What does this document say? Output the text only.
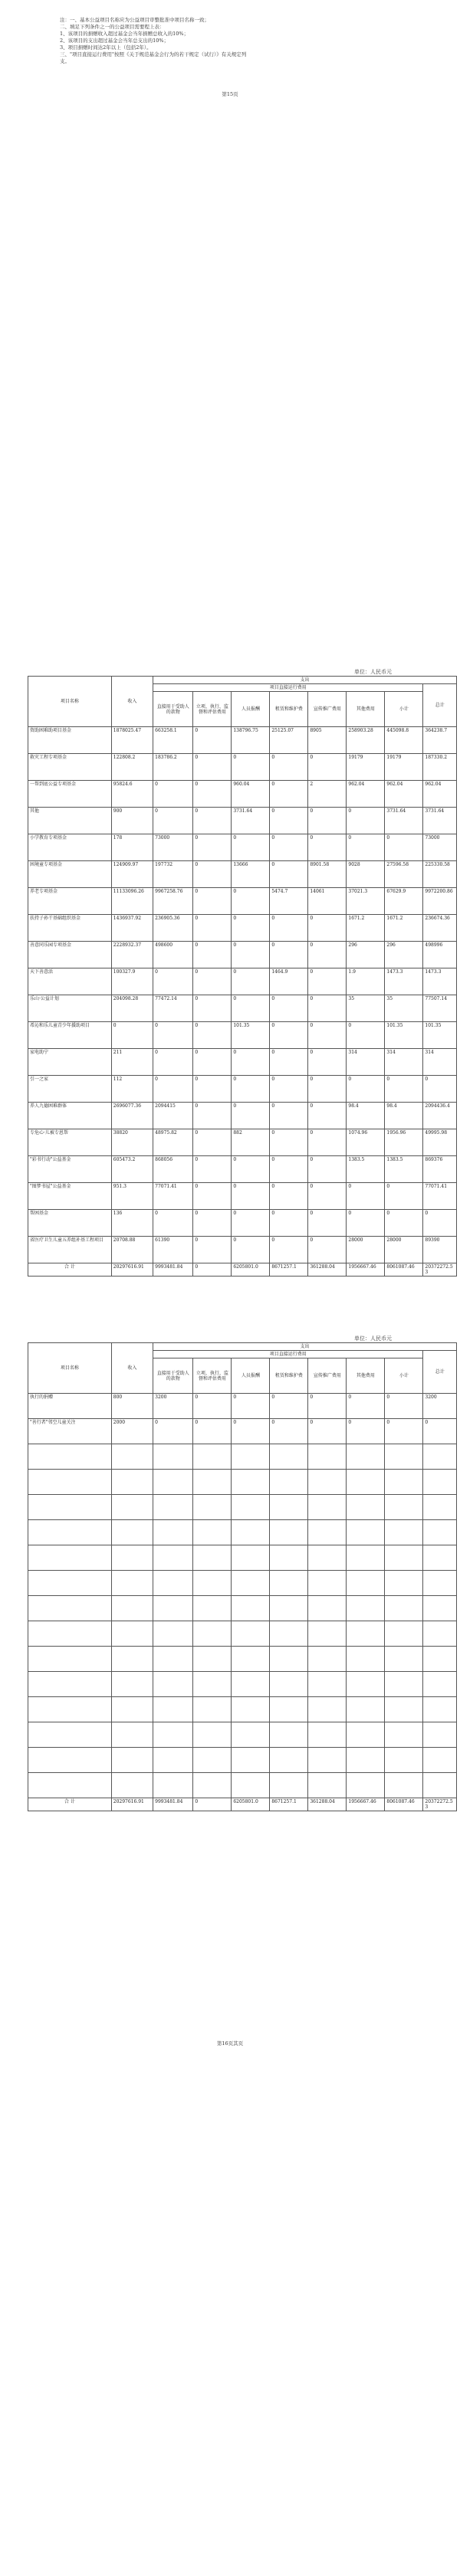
注：一、基本公益项目名称应为公益项目审整批准中项目名称一致；
二、填足下列条件之一的公益项目需要程上表：
1、该项目的捐赠收入超过基金会当年捐赠总收入的10%；
2、该项目的支出超过基金会当年总支出的10%；
3、项目捐赠时间达2年以上（包括2年）。
三、"项目直接运行费用"按照《关于规范基金会行为的若干规定（试行）》有关规定列
支。
第15页
单位：人民币元
项目名称	收入	支出							
		项目直接运行费用							总计
		直接用于受助人的款物	立项、执行、监督和评估费用	人员报酬	租赁和维护费	宣传推广费用	其他费用	小计	
资助困难助项目基金	1878025.47	663258.1	0	138796.75	25125.07	8905	258903.28	445098.8	364238.7
救灾工程专项基金	122808.2	183786.2	0	0	0	0	19179	19179	187330.2
一帮到底公益专项基金	95824.6	0	0	960.04	0	2	962.04	962.04	962.04
其他	900	0	0	3731.64	0	0	0	3731.64	3731.64
小学教育专项基金	178	73000	0	0	0	0	0	0	73000
困境童专项基金	124909.97	197732	0	13666	0	8901.58	9028	27596.58	225330.58
养老专项基金	11133096.26	9967258.76	0	0	5474.7	14061	37021.3	67629.9	9972200.86
扶持子孙干基础组织基金	1436937.92	236905.36	0	0	0	0	1671.2	1671.2	236674.36
善意同乐园专项基金	2228932.37	498600	0	0	0	0	296	296	498996
天下善意活	100327.9	0	0	0	1464.9	0	1.9	1473.3	1473.3
乐山·公益计划	204098.28	77472.14	0	0	0	0	35	35	77507.14
希沁和乐儿童青少年援助项目	0	0	0	101.35	0	0	0	101.35	101.35
家电助宁	211	0	0	0	0	0	314	314	314
引一之家	112	0	0	0	0	0	0	0	0
养人九德困难群体	2696077.36	2094415	0	0	0	0	98.4	98.4	2094436.4
专危心·儿被专恩帮	38820	48975.82	0	882	0	0	1074.96	1956.96	49995.98
"彩书行动"公益基金	605473.2	868056	0	0	0	0	1383.5	1383.5	869376
"图梦书屋"公益基金	951.3	77071.41	0	0	0	0	0	0	77071.41
帮困基金	136	0	0	0	0	0	0	0	0
省医疗卫生儿童五养组补基工程项目	20708.88	61390	0	0	0	0	28000	28000	89390
合 计	20297616.91	9993481.84	0	6205801.0	8671257.1	361288.04	1956667.46	8061087.46	20372272.53
单位：人民币元
项目名称	收入	支出							
		项目直接运行费用							总计
		直接用于受助人的款物	立项、执行、监督和评估费用	人员报酬	租赁和维护费	宣传推广费用	其他费用	小计	
执行的捐赠	800	3200	0	0	0	0	0	0	3200
"善行者"邻空儿童关注	2000	0	0	0	0	0	0	0	0

合 计	20297616.91	9993481.84	0	6205801.0	8671257.1	361288.04	1956667.46	8061087.46	20372272.53
第16页其页
